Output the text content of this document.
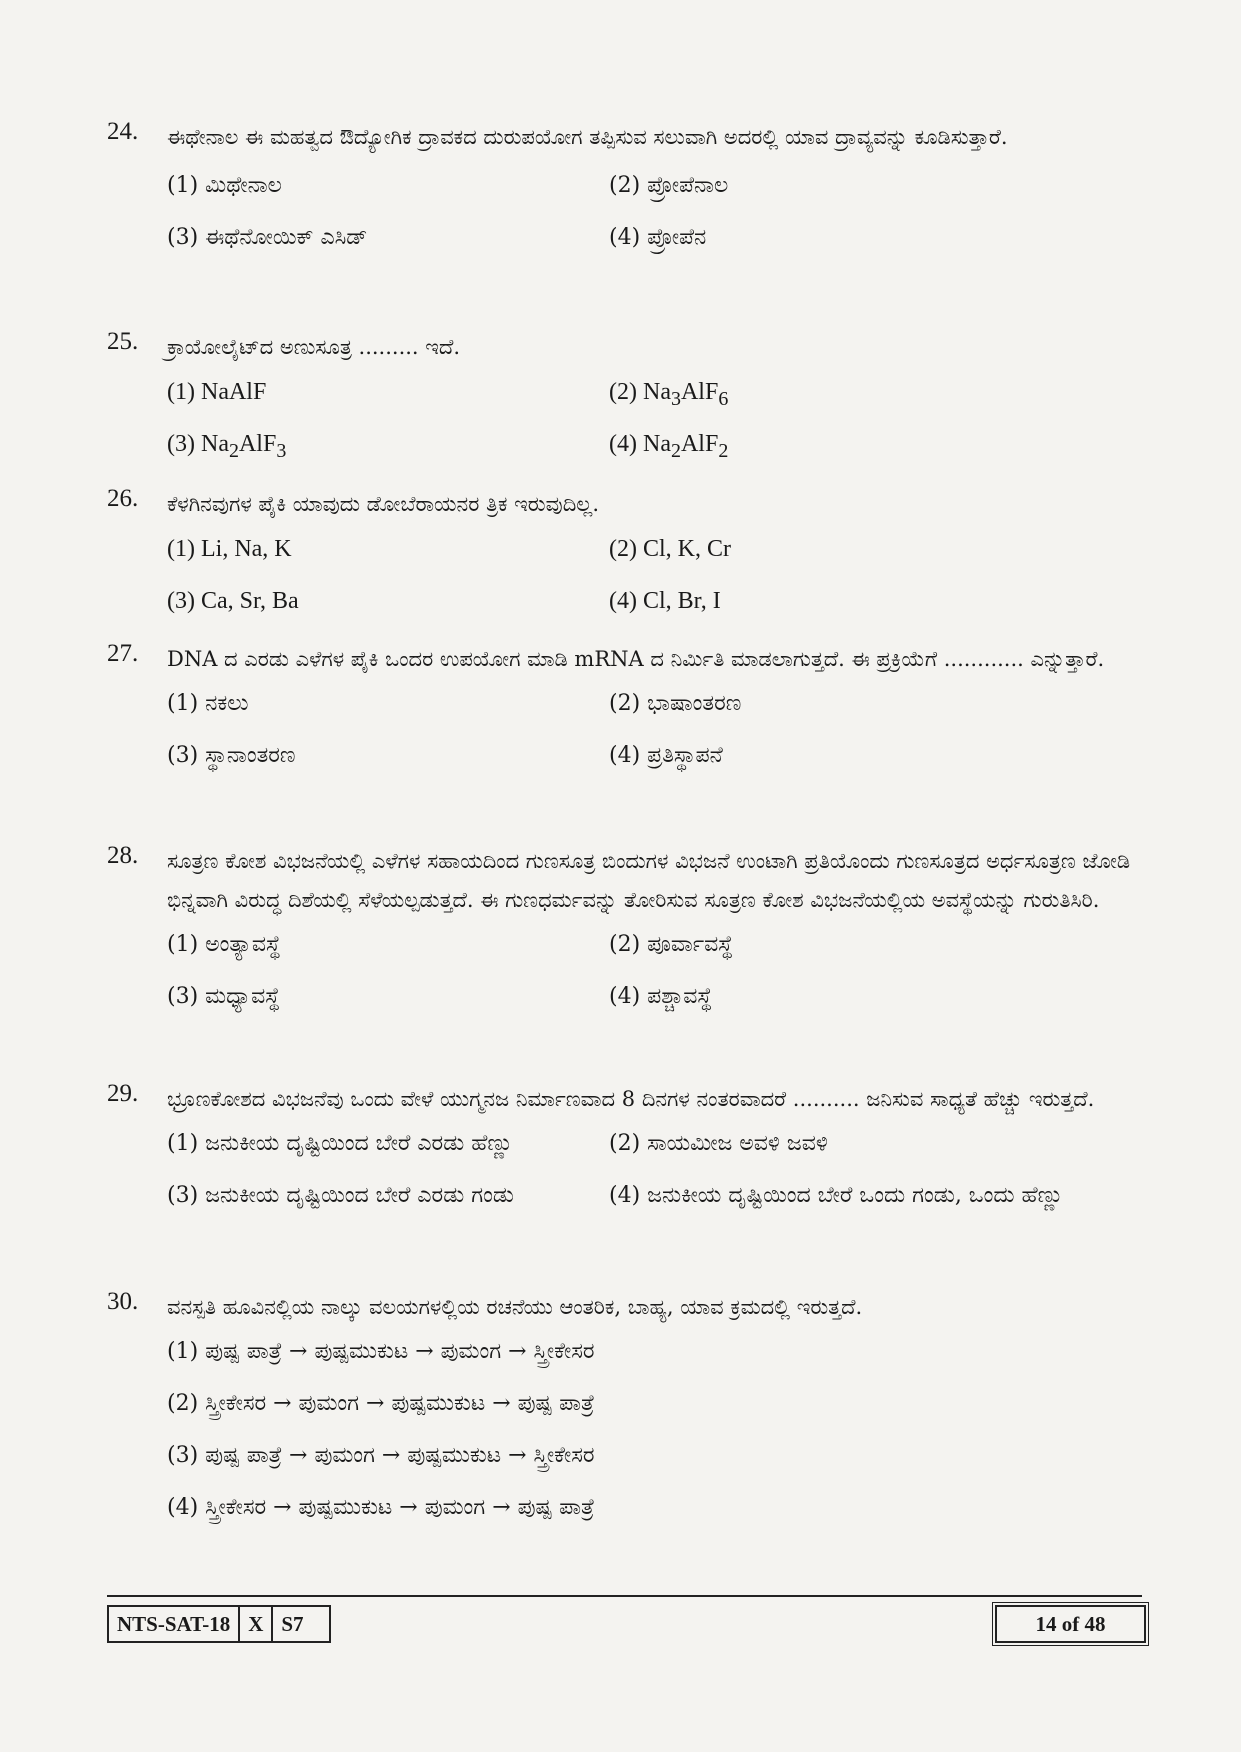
24. ಈಥೇನಾಲ ಈ ಮಹತ್ವದ ಔದ್ಯೋಗಿಕ ದ್ರಾವಕದ ದುರುಪಯೋಗ ತಪ್ಪಿಸುವ ಸಲುವಾಗಿ ಅದರಲ್ಲಿ ಯಾವ ದ್ರಾವ್ಯವನ್ನು ಕೂಡಿಸುತ್ತಾರೆ.
(1) ಮಿಥೇನಾಲ	(2) ಪ್ರೋಪೆನಾಲ
(3) ಈಥೆನೋಯಿಕ್ ಎಸಿಡ್	(4) ಪ್ರೋಪೆನ
25. ಕ್ರಾಯೋಲೈಟ್‌ದ ಅಣುಸೂತ್ರ ......... ಇದೆ.
(1) NaAlF	(2) $Na_3AlF_6$
(3) $Na_2AlF_3$	(4) $Na_2AlF_2$
26. ಕೆಳಗಿನವುಗಳ ಪೈಕಿ ಯಾವುದು ಡೋಬೆರಾಯನರ ತ್ರಿಕ ಇರುವುದಿಲ್ಲ.
(1) Li, Na, K	(2) Cl, K, Cr
(3) Ca, Sr, Ba	(4) Cl, Br, I
27. DNA ದ ಎರಡು ಎಳೆಗಳ ಪೈಕಿ ಒಂದರ ಉಪಯೋಗ ಮಾಡಿ mRNA ದ ನಿರ್ಮಿತಿ ಮಾಡಲಾಗುತ್ತದೆ. ಈ ಪ್ರಕ್ರಿಯೆಗೆ ............ ಎನ್ನುತ್ತಾರೆ.
(1) ನಕಲು	(2) ಭಾಷಾಂತರಣ
(3) ಸ್ಥಾನಾಂತರಣ	(4) ಪ್ರತಿಸ್ಥಾಪನೆ
28. ಸೂತ್ರಣ ಕೋಶ ವಿಭಜನೆಯಲ್ಲಿ ಎಳೆಗಳ ಸಹಾಯದಿಂದ ಗುಣಸೂತ್ರ ಬಿಂದುಗಳ ವಿಭಜನೆ ಉಂಟಾಗಿ ಪ್ರತಿಯೊಂದು ಗುಣಸೂತ್ರದ ಅರ್ಧಸೂತ್ರಣ ಜೋಡಿ ಭಿನ್ನವಾಗಿ ವಿರುದ್ಧ ದಿಶೆಯಲ್ಲಿ ಸೆಳೆಯಲ್ಪಡುತ್ತದೆ. ಈ ಗುಣಧರ್ಮವನ್ನು ತೋರಿಸುವ ಸೂತ್ರಣ ಕೋಶ ವಿಭಜನೆಯಲ್ಲಿಯ ಅವಸ್ಥೆಯನ್ನು ಗುರುತಿಸಿರಿ.
(1) ಅಂತ್ಯಾವಸ್ಥೆ	(2) ಪೂರ್ವಾವಸ್ಥೆ
(3) ಮಧ್ಯಾವಸ್ಥೆ	(4) ಪಶ್ಚಾವಸ್ಥೆ
29. ಭ್ರೂಣಕೋಶದ ವಿಭಜನೆವು ಒಂದು ವೇಳೆ ಯುಗ್ಮನಜ ನಿರ್ಮಾಣವಾದ 8 ದಿನಗಳ ನಂತರವಾದರೆ .......... ಜನಿಸುವ ಸಾಧ್ಯತೆ ಹೆಚ್ಚು ಇರುತ್ತದೆ.
(1) ಜನುಕೀಯ ದೃಷ್ಟಿಯಿಂದ ಬೇರೆ ಎರಡು ಹೆಣ್ಣು	(2) ಸಾಯಮೀಜ ಅವಳಿ ಜವಳಿ
(3) ಜನುಕೀಯ ದೃಷ್ಟಿಯಿಂದ ಬೇರೆ ಎರಡು ಗಂಡು	(4) ಜನುಕೀಯ ದೃಷ್ಟಿಯಿಂದ ಬೇರೆ ಒಂದು ಗಂಡು, ಒಂದು ಹೆಣ್ಣು
30. ವನಸ್ಪತಿ ಹೂವಿನಲ್ಲಿಯ ನಾಲ್ಕು ವಲಯಗಳಲ್ಲಿಯ ರಚನೆಯು ಆಂತರಿಕ, ಬಾಹ್ಯ, ಯಾವ ಕ್ರಮದಲ್ಲಿ ಇರುತ್ತದೆ.
(1) ಪುಷ್ಪ ಪಾತ್ರೆ → ಪುಷ್ಪಮುಕುಟ → ಪುಮಂಗ → ಸ್ತ್ರೀಕೇಸರ
(2) ಸ್ತ್ರೀಕೇಸರ → ಪುಮಂಗ → ಪುಷ್ಪಮುಕುಟ → ಪುಷ್ಪ ಪಾತ್ರೆ
(3) ಪುಷ್ಪ ಪಾತ್ರೆ → ಪುಮಂಗ → ಪುಷ್ಪಮುಕುಟ → ಸ್ತ್ರೀಕೇಸರ
(4) ಸ್ತ್ರೀಕೇಸರ → ಪುಷ್ಪಮುಕುಟ → ಪುಮಂಗ → ಪುಷ್ಪ ಪಾತ್ರೆ
NTS-SAT-18 X S7	14 of 48
